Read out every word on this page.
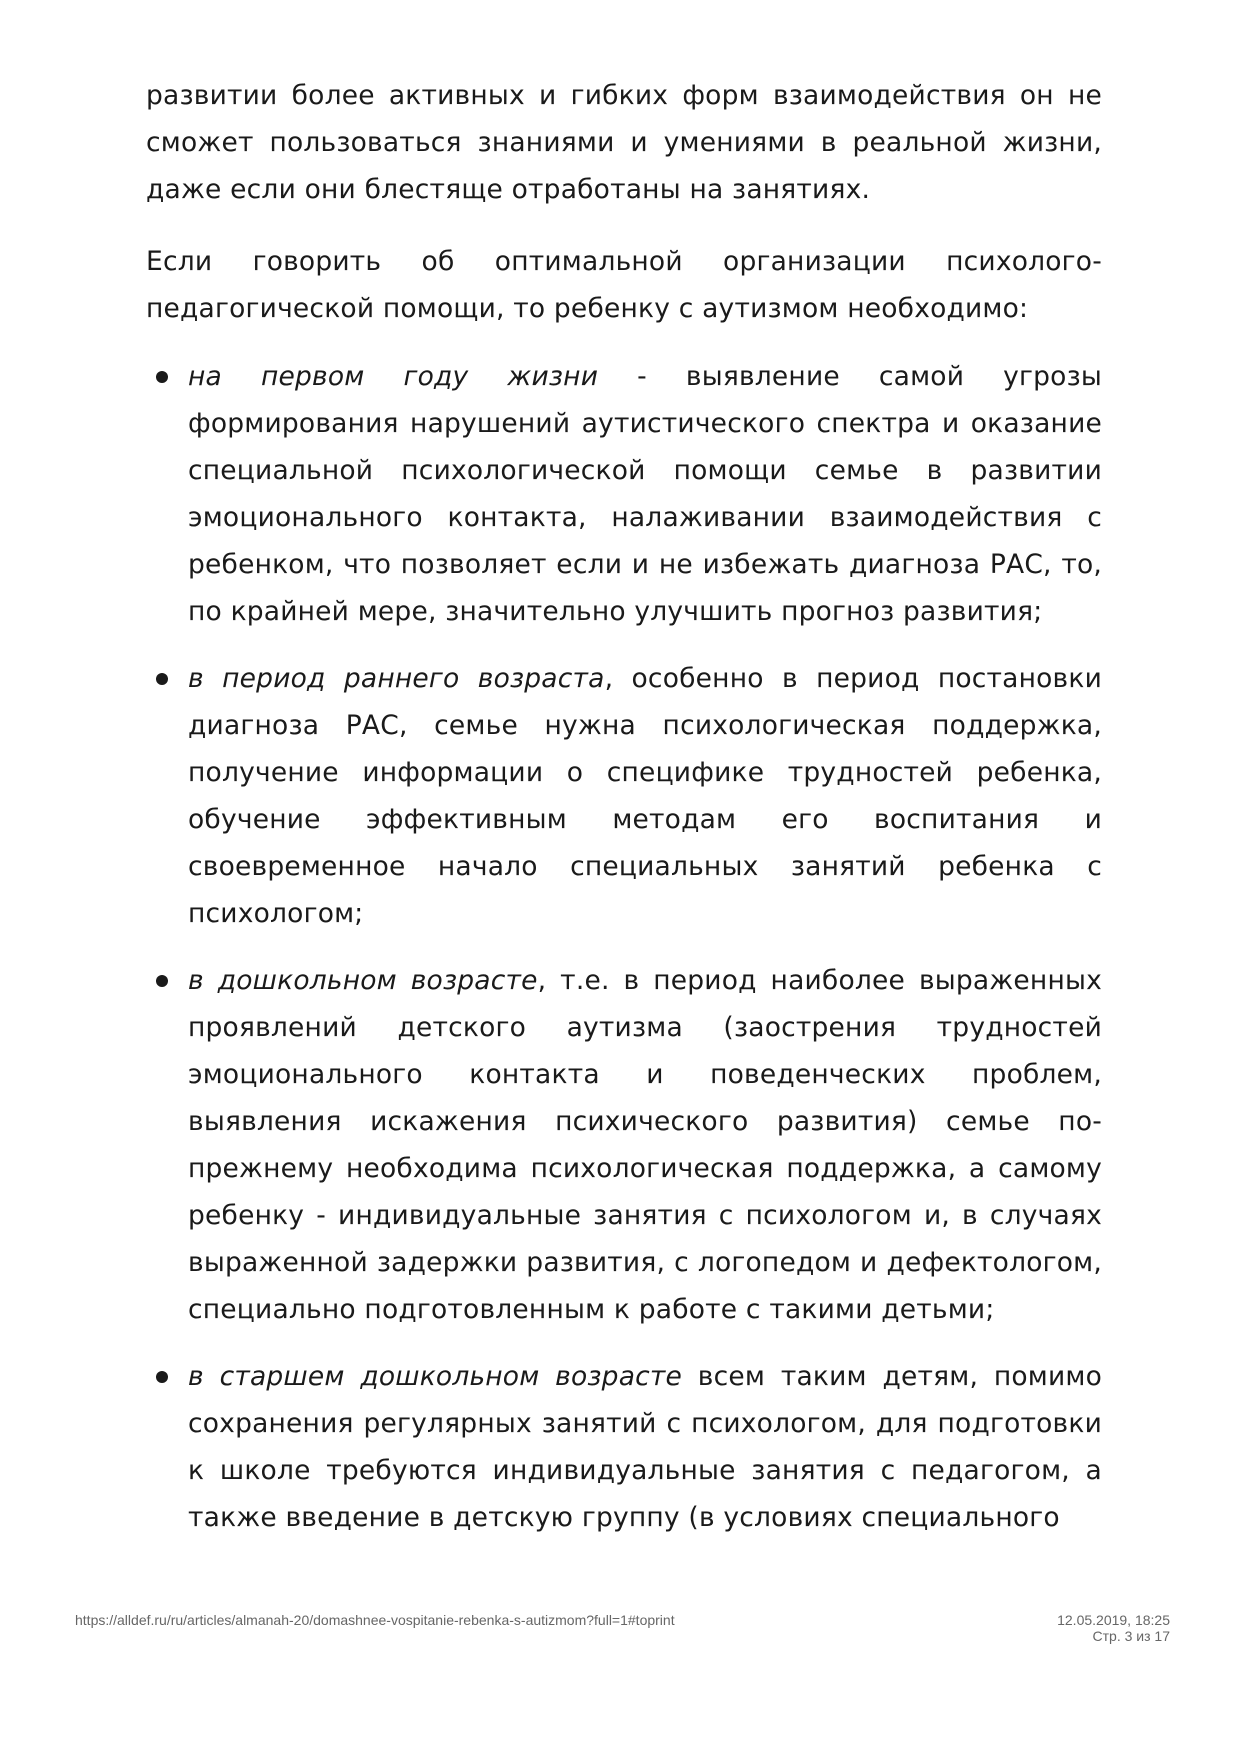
развитии более активных и гибких форм взаимодействия он не сможет пользоваться знаниями и умениями в реальной жизни, даже если они блестяще отработаны на занятиях.

Если говорить об оптимальной организации психолого-педагогической помощи, то ребенку с аутизмом необходимо:

на первом году жизни - выявление самой угрозы формирования нарушений аутистического спектра и оказание специальной психологической помощи семье в развитии эмоционального контакта, налаживании взаимодействия с ребенком, что позволяет если и не избежать диагноза РАС, то, по крайней мере, значительно улучшить прогноз развития;
в период раннего возраста, особенно в период постановки диагноза РАС, семье нужна психологическая поддержка, получение информации о специфике трудностей ребенка, обучение эффективным методам его воспитания и своевременное начало специальных занятий ребенка с психологом;
в дошкольном возрасте, т.е. в период наиболее выраженных проявлений детского аутизма (заострения трудностей эмоционального контакта и поведенческих проблем, выявления искажения психического развития) семье по-прежнему необходима психологическая поддержка, а самому ребенку - индивидуальные занятия с психологом и, в случаях выраженной задержки развития, с логопедом и дефектологом, специально подготовленным к работе с такими детьми;
в старшем дошкольном возрасте всем таким детям, помимо сохранения регулярных занятий с психологом, для подготовки к школе требуются индивидуальные занятия с педагогом, а также введение в детскую группу (в условиях специального
https://alldef.ru/ru/articles/almanah-20/domashnee-vospitanie-rebenka-s-autizmom?full=1#toprint	12.05.2019, 18:25
Стр. 3 из 17
